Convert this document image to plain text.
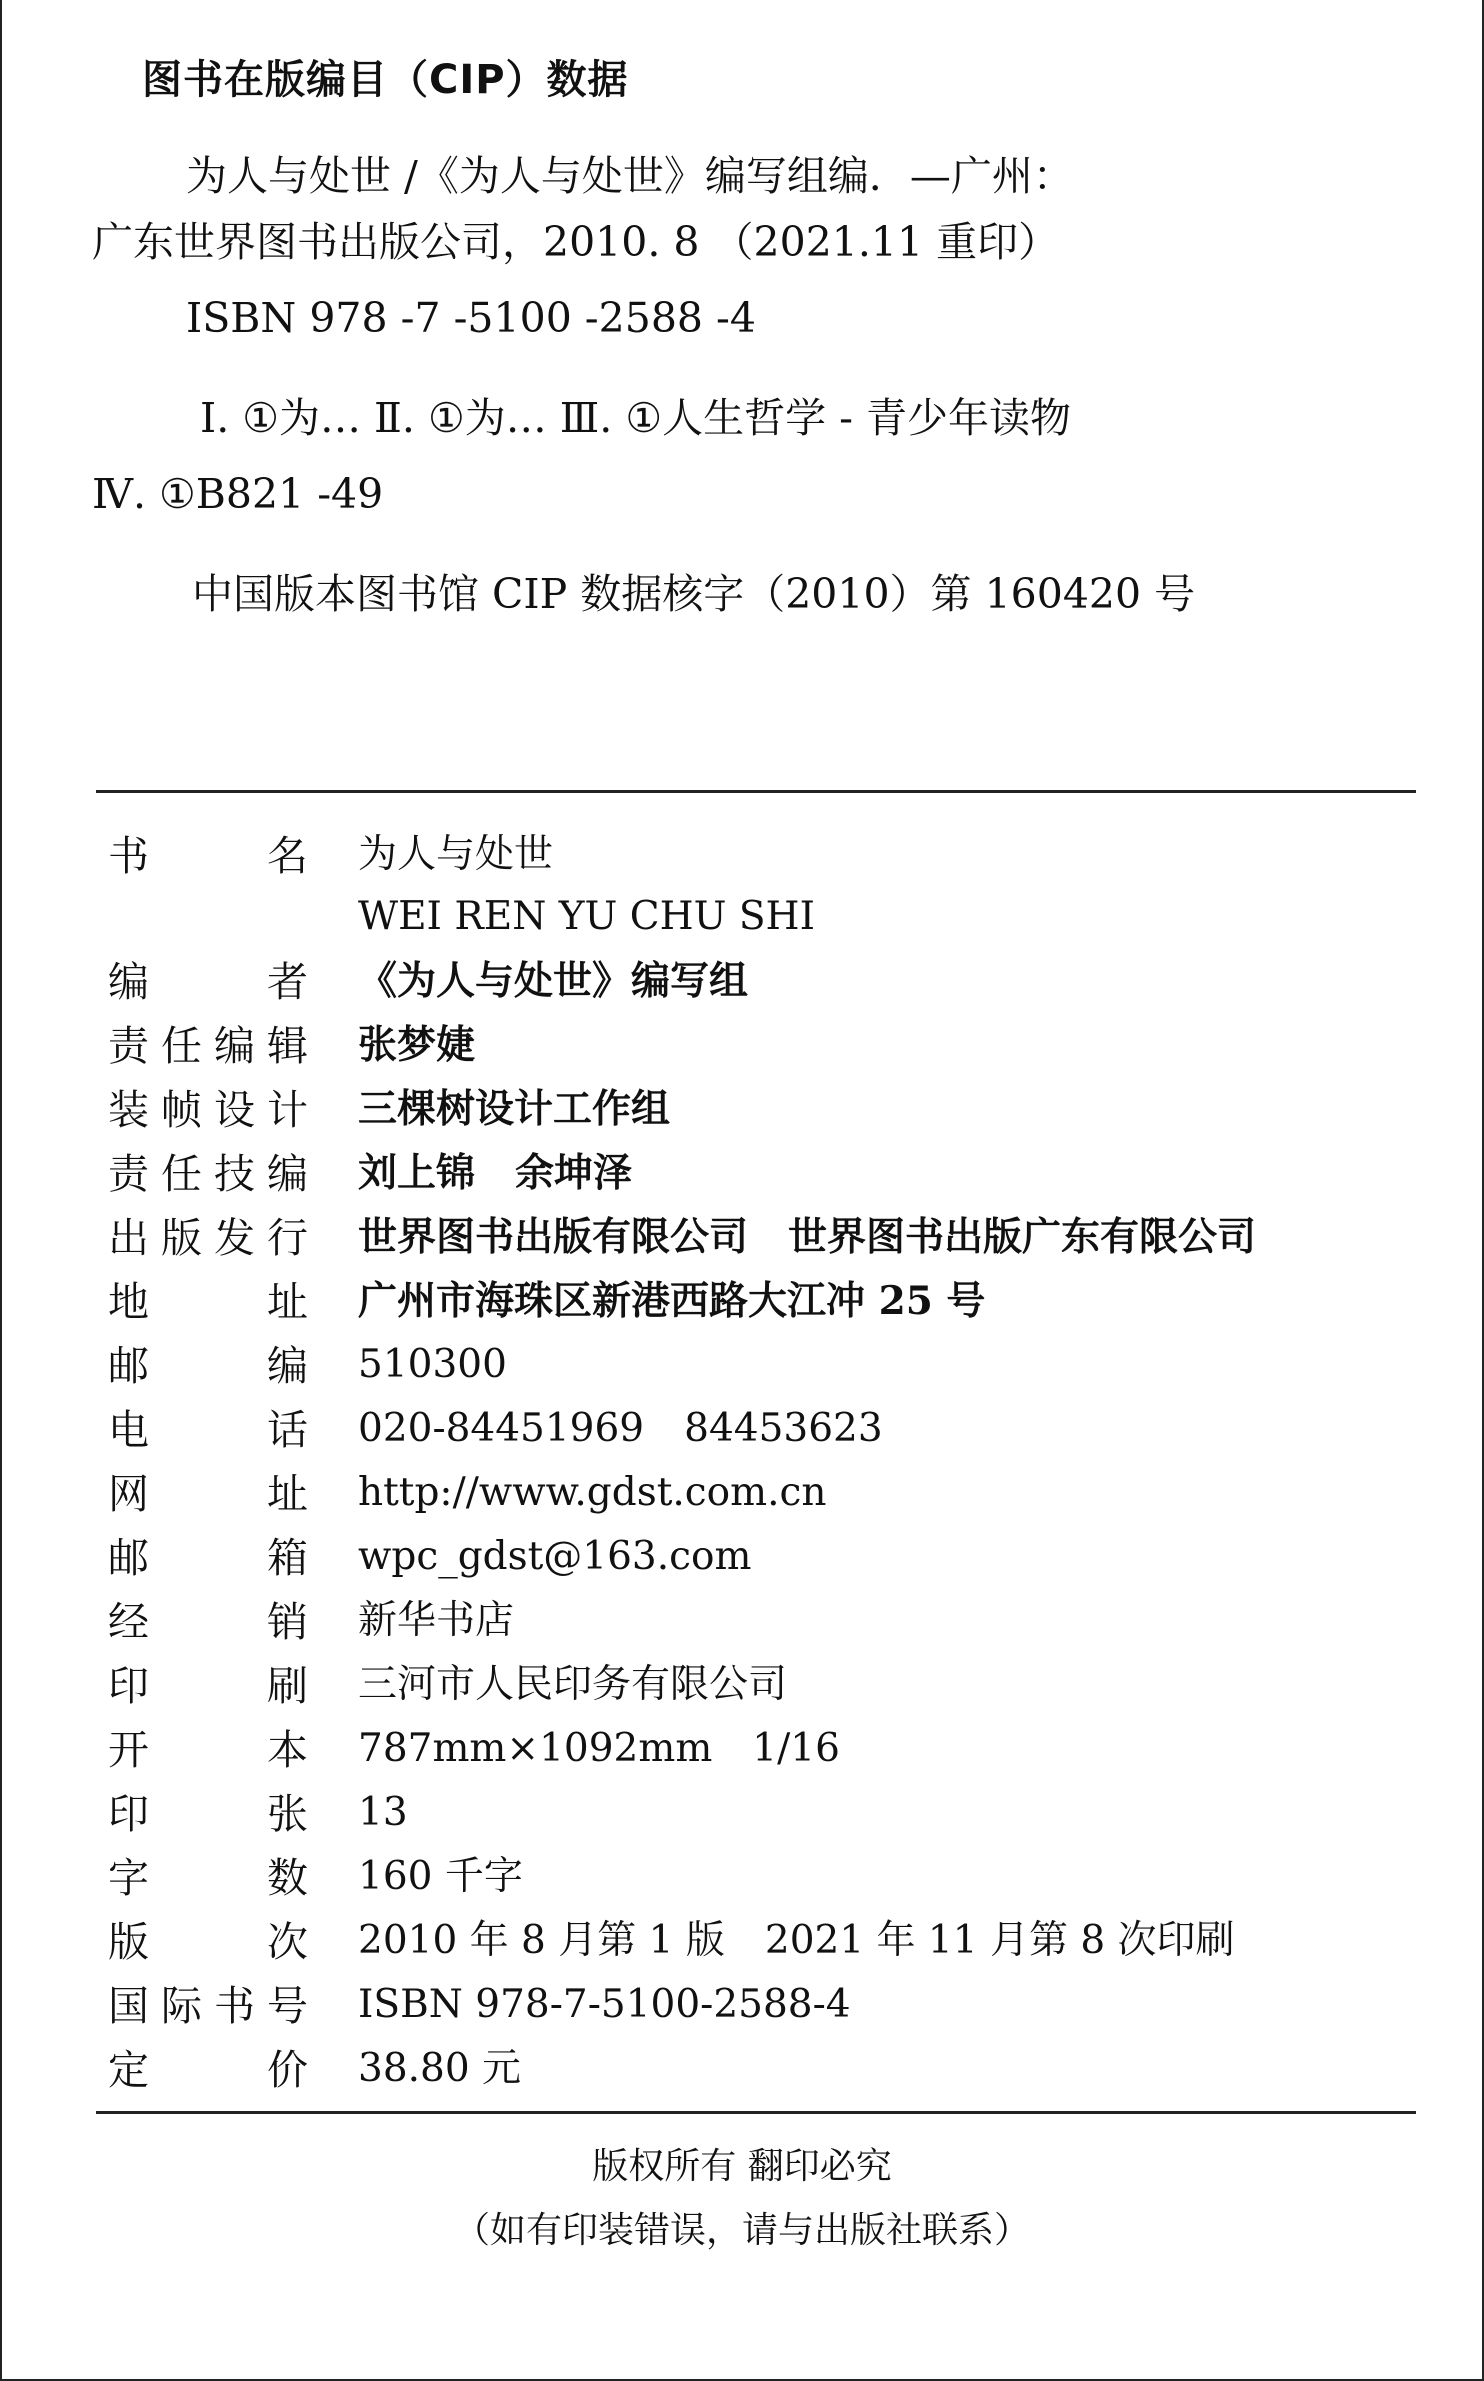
图书在版编目（CIP）数据
为人与处世 /《为人与处世》编写组编．—广州：
广东世界图书出版公司，2010. 8 （2021.11 重印）
ISBN 978 -7 -5100 -2588 -4
Ⅰ. ①为… Ⅱ. ①为… Ⅲ. ①人生哲学 - 青少年读物
Ⅳ. ①B821 -49
中国版本图书馆 CIP 数据核字（2010）第 160420 号
书名 为人与处世
WEI REN YU CHU SHI
编者 《为人与处世》编写组
责任编辑 张梦婕
装帧设计 三棵树设计工作组
责任技编 刘上锦 余坤泽
出版发行 世界图书出版有限公司 世界图书出版广东有限公司
地址 广州市海珠区新港西路大江冲 25 号
邮编 510300
电话 020-84451969 84453623
网址 http://www.gdst.com.cn
邮箱 wpc_gdst@163.com
经销 新华书店
印刷 三河市人民印务有限公司
开本 787mm×1092mm 1/16
印张 13
字数 160 千字
版次 2010 年 8 月第 1 版 2021 年 11 月第 8 次印刷
国际书号 ISBN 978-7-5100-2588-4
定价 38.80 元
版权所有 翻印必究
（如有印装错误，请与出版社联系）
